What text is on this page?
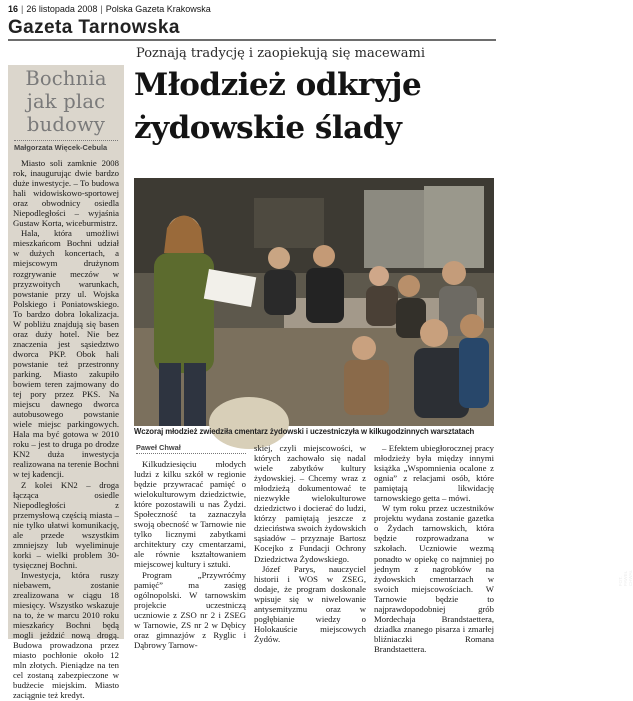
16 | 26 listopada 2008 | Polska Gazeta Krakowska
Gazeta Tarnowska
Bochnia jak plac budowy
Małgorzata Więcek-Cebula

Miasto soli zamknie 2008 rok, inaugurując dwie bardzo duże inwestycje. – To budowa hali widowiskowo-sportowej oraz obwodnicy osiedla Niepodległości – wyjaśnia Gustaw Korta, wiceburmistrz.

Hala, która umożliwi mieszkańcom Bochni udział w dużych koncertach, a miejscowym drużynom rozgrywanie meczów w przyzwoitych warunkach, powstanie przy ul. Wojska Polskiego i Poniatowskiego. To bardzo dobra lokalizacja. W pobliżu znajdują się basen oraz duży hotel. Nie bez znaczenia jest sąsiedztwo dworca PKP. Obok hali powstanie też przestronny parking. Miasto zakupiło bowiem teren zajmowany do tej pory przez PKS. Na miejscu dawnego dworca autobusowego powstanie wiele miejsc parkingowych. Hala ma być gotowa w 2010 roku – jest to druga po drodze KN2 duża inwestycja realizowana na terenie Bochni w tej kadencji.

Z kolei KN2 – droga łącząca osiedle Niepodległości z przemysłową częścią miasta – nie tylko ułatwi komunikację, ale przede wszystkim zmniejszy lub wyeliminuje korki – wielki problem 30-tysięcznej Bochni.

Inwestycja, która ruszy niebawem, zostanie zrealizowana w ciągu 18 miesięcy. Wszystko wskazuje na to, że w marcu 2010 roku mieszkańcy Bochni będą mogli jeździć nową drogą. Budowa prowadzona przez miasto pochłonie około 12 mln złotych. Pieniądze na ten cel zostaną zabezpieczone w budżecie miejskim. Miasto zaciągnie też kredyt.

Poznają tradycję i zaopiekują się macewami
Młodzież odkryje żydowskie ślady
FOT. PAWEŁ CHWAŁ
Wczoraj młodzież zwiedziła cmentarz żydowski i uczestniczyła w kilkugodzinnych warsztatach
Paweł Chwał

Kilkudziesięciu młodych ludzi z kilku szkół w regionie będzie przywracać pamięć o wielokulturowym dziedzictwie, które pozostawili u nas Żydzi. Społeczność ta zaznaczyła swoją obecność w Tarnowie nie tylko licznymi zabytkami architektury czy cmentarzami, ale równie kształtowaniem miejscowej kultury i sztuki.

Program „Przywróćmy pamięć” ma zasięg ogólnopolski. W tarnowskim projekcie uczestniczą uczniowie z ZSO nr 2 i ZSEG w Tarnowie, ZS nr 2 w Dębicy oraz gimnazjów z Ryglic i Dąbrowy Tarnow-

skiej, czyli miejscowości, w których zachowało się nadal wiele zabytków kultury żydowskiej. – Chcemy wraz z młodzieżą dokumentować te niezwykłe wielokulturowe dziedzictwo i docierać do ludzi, którzy pamiętają jeszcze z dzieciństwa swoich żydowskich sąsiadów – przyznaje Bartosz Kocejko z Fundacji Ochrony Dziedzictwa Żydowskiego.

Józef Parys, nauczyciel historii i WOS w ZSEG, dodaje, że program doskonale wpisuje się w niwelowanie antysemityzmu oraz w pogłębianie wiedzy o Holokauście miejscowych Żydów.

– Efektem ubiegłorocznej pracy młodzieży była między innymi książka „Wspomnienia ocalone z ognia” z relacjami osób, które pamiętają likwidację tarnowskiego getta – mówi.

W tym roku przez uczestników projektu wydana zostanie gazetka o Żydach tarnowskich, która będzie rozprowadzana w szkołach. Uczniowie wezmą ponadto w opiekę co najmniej po jednym z nagrobków na żydowskich cmentarzach w swoich miejscowościach. W Tarnowie będzie to najprawdopodobniej grób Mordechaja Brandstaettera, dziadka znanego pisarza i zmarłej bliźniaczki Romana Brandstaettera.
